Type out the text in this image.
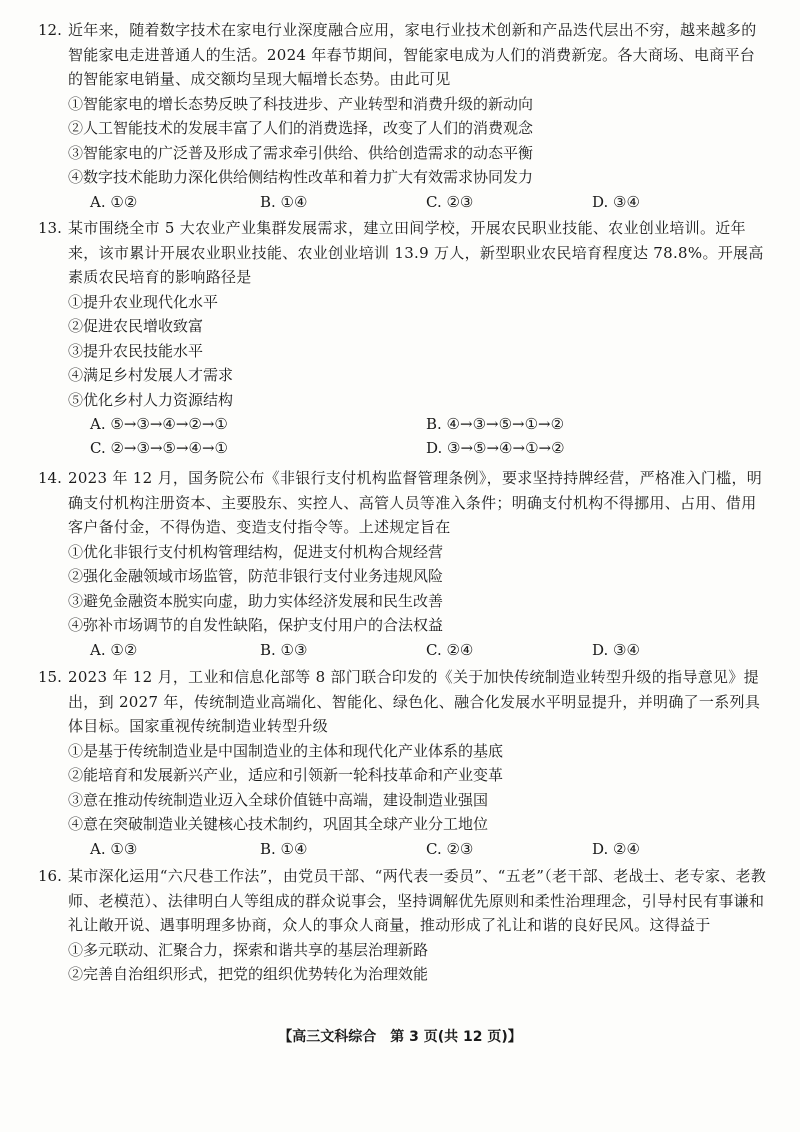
12. 近年来，随着数字技术在家电行业深度融合应用，家电行业技术创新和产品迭代层出不穷，越来越多的智能家电走进普通人的生活。2024 年春节期间，智能家电成为人们的消费新宠。各大商场、电商平台的智能家电销量、成交额均呈现大幅增长态势。由此可见

①智能家电的增长态势反映了科技进步、产业转型和消费升级的新动向

②人工智能技术的发展丰富了人们的消费选择，改变了人们的消费观念

③智能家电的广泛普及形成了需求牵引供给、供给创造需求的动态平衡

④数字技术能助力深化供给侧结构性改革和着力扩大有效需求协同发力

A. ①②	B. ①④	C. ②③	D. ③④
13. 某市围绕全市 5 大农业产业集群发展需求，建立田间学校，开展农民职业技能、农业创业培训。近年来，该市累计开展农业职业技能、农业创业培训 13.9 万人，新型职业农民培育程度达 78.8%。开展高素质农民培育的影响路径是

①提升农业现代化水平

②促进农民增收致富

③提升农民技能水平

④满足乡村发展人才需求

⑤优化乡村人力资源结构

A. ⑤→③→④→②→①	B. ④→③→⑤→①→②
C. ②→③→⑤→④→①	D. ③→⑤→④→①→②
14. 2023 年 12 月，国务院公布《非银行支付机构监督管理条例》，要求坚持持牌经营，严格准入门槛，明确支付机构注册资本、主要股东、实控人、高管人员等准入条件；明确支付机构不得挪用、占用、借用客户备付金，不得伪造、变造支付指令等。上述规定旨在

①优化非银行支付机构管理结构，促进支付机构合规经营

②强化金融领域市场监管，防范非银行支付业务违规风险

③避免金融资本脱实向虚，助力实体经济发展和民生改善

④弥补市场调节的自发性缺陷，保护支付用户的合法权益

A. ①②	B. ①③	C. ②④	D. ③④
15. 2023 年 12 月，工业和信息化部等 8 部门联合印发的《关于加快传统制造业转型升级的指导意见》提出，到 2027 年，传统制造业高端化、智能化、绿色化、融合化发展水平明显提升，并明确了一系列具体目标。国家重视传统制造业转型升级

①是基于传统制造业是中国制造业的主体和现代化产业体系的基底

②能培育和发展新兴产业，适应和引领新一轮科技革命和产业变革

③意在推动传统制造业迈入全球价值链中高端，建设制造业强国

④意在突破制造业关键核心技术制约，巩固其全球产业分工地位

A. ①③	B. ①④	C. ②③	D. ②④
16. 某市深化运用“六尺巷工作法”，由党员干部、“两代表一委员”、“五老”（老干部、老战士、老专家、老教师、老模范）、法律明白人等组成的群众说事会，坚持调解优先原则和柔性治理理念，引导村民有事谦和礼让敞开说、遇事明理多协商，众人的事众人商量，推动形成了礼让和谐的良好民风。这得益于

①多元联动、汇聚合力，探索和谐共享的基层治理新路

②完善自治组织形式，把党的组织优势转化为治理效能

【高三文科综合　第 3 页(共 12 页)】
